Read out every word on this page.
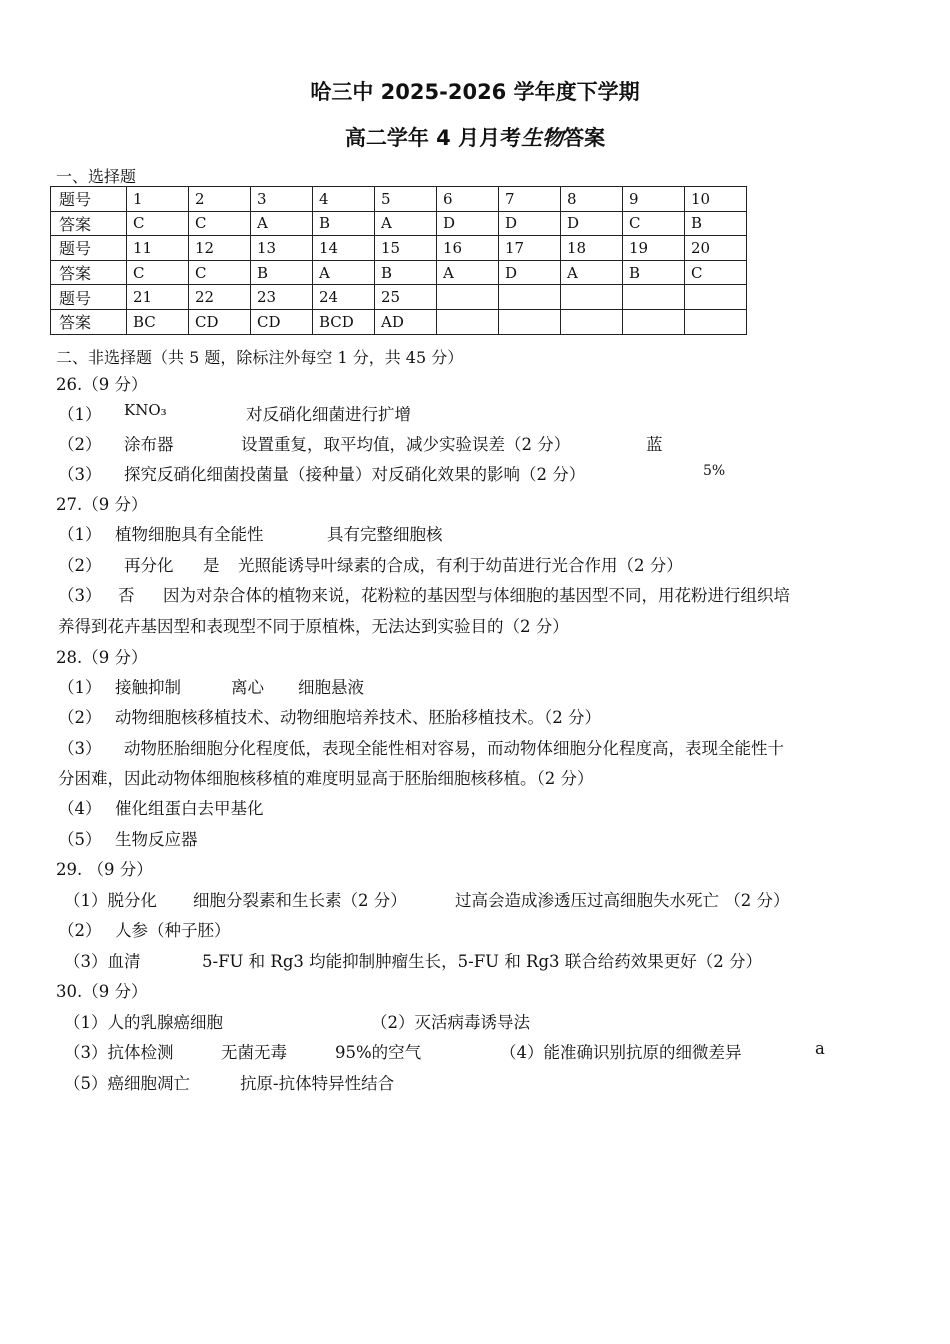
哈三中 2025-2026 学年度下学期
高二学年 4 月月考生物答案
一、选择题
题号	1	2	3	4	5	6	7	8	9	10
答案	C	C	A	B	A	D	D	D	C	B
题号	11	12	13	14	15	16	17	18	19	20
答案	C	C	B	A	B	A	D	A	B	C
题号	21	22	23	24	25					
答案	BC	CD	CD	BCD	AD					
二、非选择题（共 5 题，除标注外每空 1 分，共 45 分）
26.（9 分）
（1） KNO₃	对反硝化细菌进行扩增
（2） 涂布器	设置重复，取平均值，减少实验误差（2 分）	蓝
（3） 探究反硝化细菌投菌量（接种量）对反硝化效果的影响（2 分）	5%
27.（9 分）
（1） 植物细胞具有全能性	具有完整细胞核
（2） 再分化 是 光照能诱导叶绿素的合成，有利于幼苗进行光合作用（2 分）
（3） 否 因为对杂合体的植物来说，花粉粒的基因型与体细胞的基因型不同，用花粉进行组织培
养得到花卉基因型和表现型不同于原植株，无法达到实验目的（2 分）
28.（9 分）
（1） 接触抑制	离心 细胞悬液
（2） 动物细胞核移植技术、动物细胞培养技术、胚胎移植技术。（2 分）
（3） 动物胚胎细胞分化程度低，表现全能性相对容易，而动物体细胞分化程度高，表现全能性十
分困难，因此动物体细胞核移植的难度明显高于胚胎细胞核移植。（2 分）
（4） 催化组蛋白去甲基化
（5） 生物反应器
29. （9 分）
（1）脱分化 细胞分裂素和生长素（2 分）	过高会造成渗透压过高细胞失水死亡 （2 分）
（2） 人参（种子胚）
（3）血清	5-FU 和 Rg3 均能抑制肿瘤生长，5-FU 和 Rg3 联合给药效果更好（2 分）
30.（9 分）
（1）人的乳腺癌细胞	（2）灭活病毒诱导法
（3）抗体检测	无菌无毒	95%的空气	（4）能准确识别抗原的细微差异	a
（5）癌细胞凋亡	抗原-抗体特异性结合
